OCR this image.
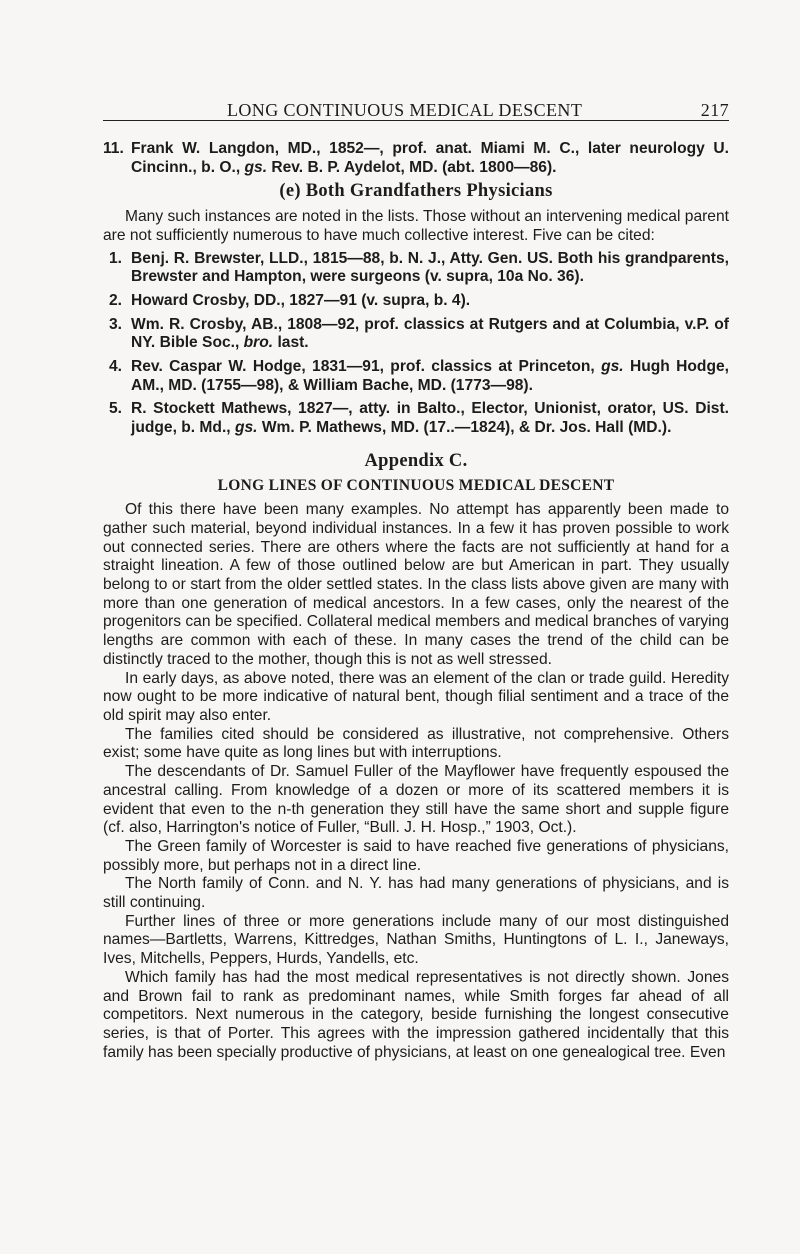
LONG CONTINUOUS MEDICAL DESCENT	217

11. Frank W. Langdon, MD., 1852—, prof. anat. Miami M. C., later neurology U. Cincinn., b. O., gs. Rev. B. P. Aydelot, MD. (abt. 1800—86).

(e) Both Grandfathers Physicians

Many such instances are noted in the lists. Those without an intervening medical parent are not sufficiently numerous to have much collective interest. Five can be cited:

1. Benj. R. Brewster, LLD., 1815—88, b. N. J., Atty. Gen. US. Both his grandparents, Brewster and Hampton, were surgeons (v. supra, 10a No. 36).

2. Howard Crosby, DD., 1827—91 (v. supra, b. 4).

3. Wm. R. Crosby, AB., 1808—92, prof. classics at Rutgers and at Columbia, v.P. of NY. Bible Soc., bro. last.

4. Rev. Caspar W. Hodge, 1831—91, prof. classics at Princeton, gs. Hugh Hodge, AM., MD. (1755—98), & William Bache, MD. (1773—98).

5. R. Stockett Mathews, 1827—, atty. in Balto., Elector, Unionist, orator, US. Dist. judge, b. Md., gs. Wm. P. Mathews, MD. (17..—1824), & Dr. Jos. Hall (MD.).

Appendix C.
LONG LINES OF CONTINUOUS MEDICAL DESCENT

Of this there have been many examples. No attempt has apparently been made to gather such material, beyond individual instances. In a few it has proven possible to work out connected series. There are others where the facts are not sufficiently at hand for a straight lineation. A few of those outlined below are but American in part. They usually belong to or start from the older settled states. In the class lists above given are many with more than one generation of medical ancestors. In a few cases, only the nearest of the progenitors can be specified. Collateral medical members and medical branches of varying lengths are common with each of these. In many cases the trend of the child can be distinctly traced to the mother, though this is not as well stressed.

In early days, as above noted, there was an element of the clan or trade guild. Heredity now ought to be more indicative of natural bent, though filial sentiment and a trace of the old spirit may also enter.

The families cited should be considered as illustrative, not comprehensive. Others exist; some have quite as long lines but with interruptions.

The descendants of Dr. Samuel Fuller of the Mayflower have frequently espoused the ancestral calling. From knowledge of a dozen or more of its scattered members it is evident that even to the n-th generation they still have the same short and supple figure (cf. also, Harrington's notice of Fuller, “Bull. J. H. Hosp.,” 1903, Oct.).

The Green family of Worcester is said to have reached five generations of physicians, possibly more, but perhaps not in a direct line.

The North family of Conn. and N. Y. has had many generations of physicians, and is still continuing.

Further lines of three or more generations include many of our most distinguished names—Bartletts, Warrens, Kittredges, Nathan Smiths, Huntingtons of L. I., Janeways, Ives, Mitchells, Peppers, Hurds, Yandells, etc.

Which family has had the most medical representatives is not directly shown. Jones and Brown fail to rank as predominant names, while Smith forges far ahead of all competitors. Next numerous in the category, beside furnishing the longest consecutive series, is that of Porter. This agrees with the impression gathered incidentally that this family has been specially productive of physicians, at least on one genealogical tree. Even
